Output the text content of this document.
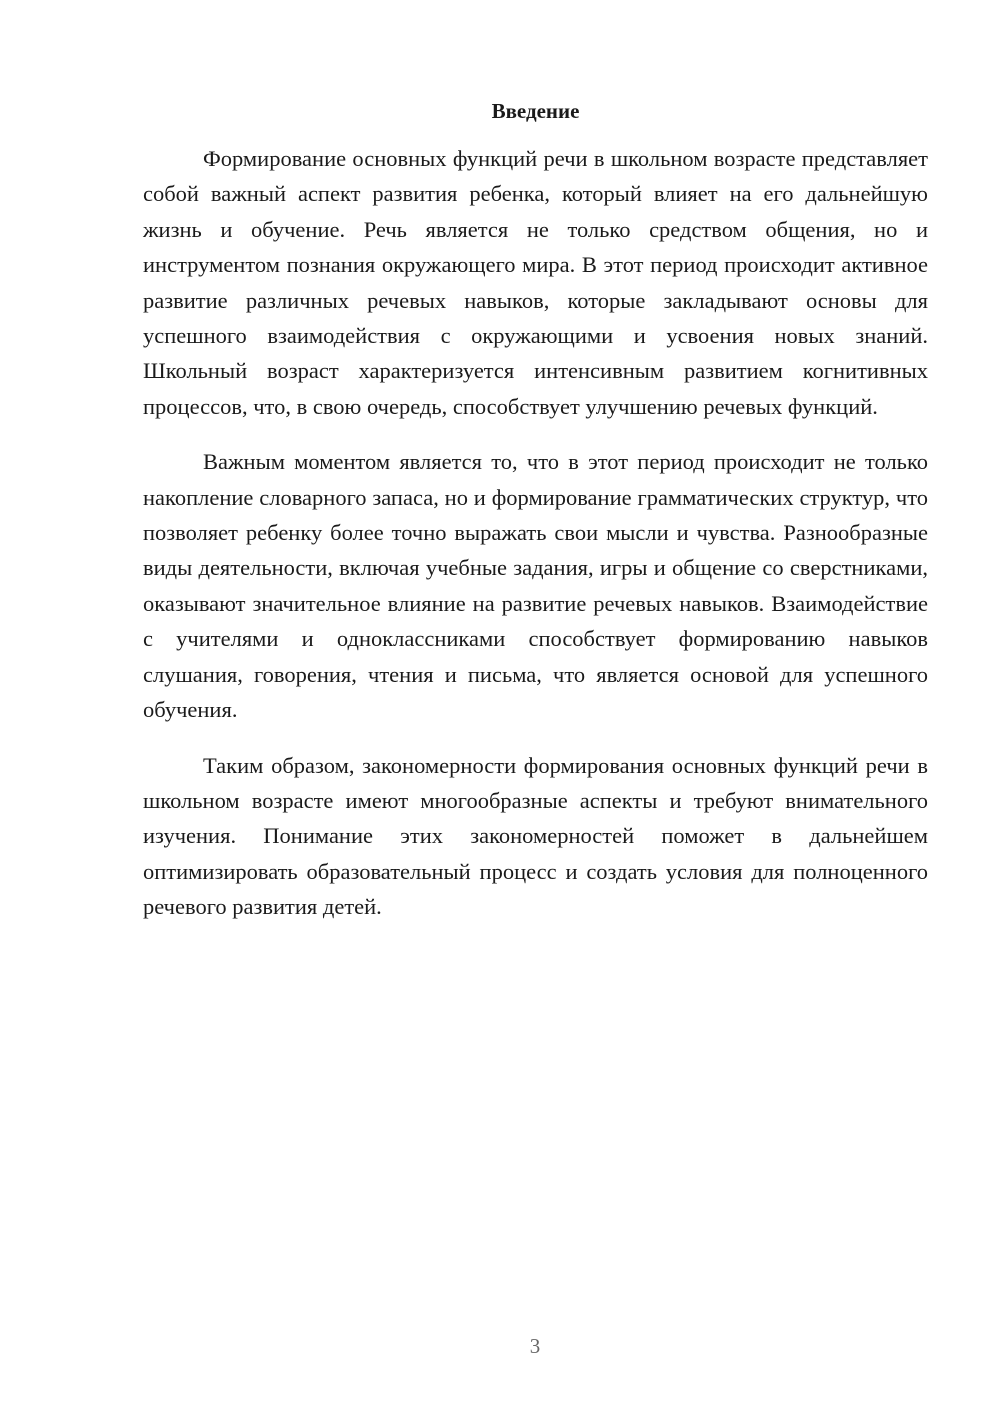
Введение

Формирование основных функций речи в школьном возрасте представляет собой важный аспект развития ребенка, который влияет на его дальнейшую жизнь и обучение. Речь является не только средством общения, но и инструментом познания окружающего мира. В этот период происходит активное развитие различных речевых навыков, которые закладывают основы для успешного взаимодействия с окружающими и усвоения новых знаний. Школьный возраст характеризуется интенсивным развитием когнитивных процессов, что, в свою очередь, способствует улучшению речевых функций.

Важным моментом является то, что в этот период происходит не только накопление словарного запаса, но и формирование грамматических структур, что позволяет ребенку более точно выражать свои мысли и чувства. Разнообразные виды деятельности, включая учебные задания, игры и общение со сверстниками, оказывают значительное влияние на развитие речевых навыков. Взаимодействие с учителями и одноклассниками способствует формированию навыков слушания, говорения, чтения и письма, что является основой для успешного обучения.

Таким образом, закономерности формирования основных функций речи в школьном возрасте имеют многообразные аспекты и требуют внимательного изучения. Понимание этих закономерностей поможет в дальнейшем оптимизировать образовательный процесс и создать условия для полноценного речевого развития детей.

3
